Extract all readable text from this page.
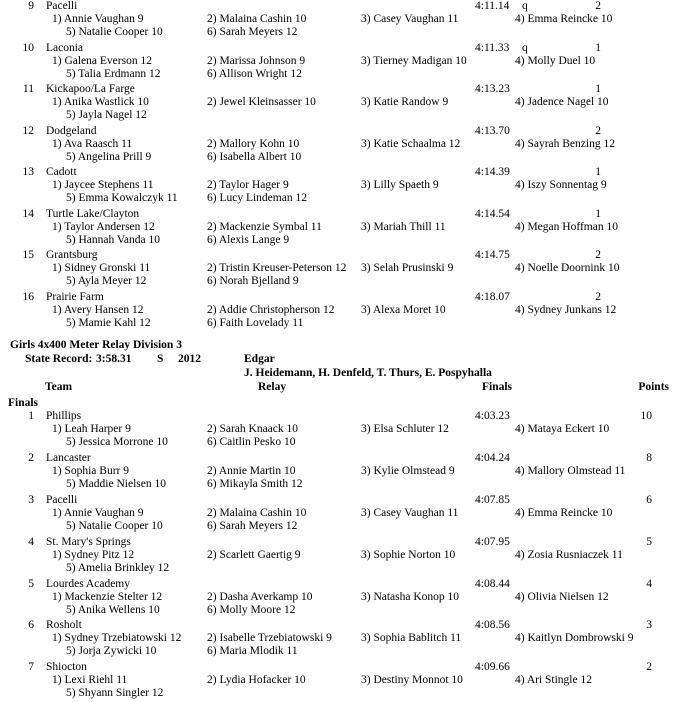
9 Pacelli	4:11.14 q	2
1) Annie Vaughan 9	2) Malaina Cashin 10	3) Casey Vaughan 11	4) Emma Reincke 10
5) Natalie Cooper 10	6) Sarah Meyers 12
10 Laconia	4:11.33 q	1
1) Galena Everson 12	2) Marissa Johnson 9	3) Tierney Madigan 10	4) Molly Duel 10
5) Talia Erdmann 12	6) Allison Wright 12
11 Kickapoo/La Farge	4:13.23	1
1) Anika Wastlick 10	2) Jewel Kleinsasser 10	3) Katie Randow 9	4) Jadence Nagel 10
5) Jayla Nagel 12
12 Dodgeland	4:13.70	2
1) Ava Raasch 11	2) Mallory Kohn 10	3) Katie Schaalma 12	4) Sayrah Benzing 12
5) Angelina Prill 9	6) Isabella Albert 10
13 Cadott	4:14.39	1
1) Jaycee Stephens 11	2) Taylor Hager 9	3) Lilly Spaeth 9	4) Iszy Sonnentag 9
5) Emma Kowalczyk 11	6) Lucy Lindeman 12
14 Turtle Lake/Clayton	4:14.54	1
1) Taylor Andersen 12	2) Mackenzie Symbal 11	3) Mariah Thill 11	4) Megan Hoffman 10
5) Hannah Vanda 10	6) Alexis Lange 9
15 Grantsburg	4:14.75	2
1) Sidney Gronski 11	2) Tristin Kreuser-Peterson 12 3) Selah Prusinski 9	4) Noelle Doornink 10
5) Ayla Meyer 12	6) Norah Bjelland 9
16 Prairie Farm	4:18.07	2
1) Avery Hansen 12	2) Addie Christopherson 12 3) Alexa Moret 10	4) Sydney Junkans 12
5) Mamie Kahl 12	6) Faith Lovelady 11
Girls 4x400 Meter Relay Division 3
State Record: 3:58.31 S 2012	Edgar
J. Heidemann, H. Denfeld, T. Thurs, E. Pospyhalla
Team	Relay	Finals	Points
Finals
1 Phillips	4:03.23	10
1) Leah Harper 9	2) Sarah Knaack 10	3) Elsa Schluter 12	4) Mataya Eckert 10
5) Jessica Morrone 10	6) Caitlin Pesko 10
2 Lancaster	4:04.24	8
1) Sophia Burr 9	2) Annie Martin 10	3) Kylie Olmstead 9	4) Mallory Olmstead 11
5) Maddie Nielsen 10	6) Mikayla Smith 12
3 Pacelli	4:07.85	6
1) Annie Vaughan 9	2) Malaina Cashin 10	3) Casey Vaughan 11	4) Emma Reincke 10
5) Natalie Cooper 10	6) Sarah Meyers 12
4 St. Mary's Springs	4:07.95	5
1) Sydney Pitz 12	2) Scarlett Gaertig 9	3) Sophie Norton 10	4) Zosia Rusniaczek 11
5) Amelia Brinkley 12
5 Lourdes Academy	4:08.44	4
1) Mackenzie Stelter 12	2) Dasha Averkamp 10	3) Natasha Konop 10	4) Olivia Nielsen 12
5) Anika Wellens 10	6) Molly Moore 12
6 Rosholt	4:08.56	3
1) Sydney Trzebiatowski 12 2) Isabelle Trzebiatowski 9	3) Sophia Bablitch 11	4) Kaitlyn Dombrowski 9
5) Jorja Zywicki 10	6) Maria Mlodik 11
7 Shiocton	4:09.66	2
1) Lexi Riehl 11	2) Lydia Hofacker 10	3) Destiny Monnot 10	4) Ari Stingle 12
5) Shyann Singler 12
